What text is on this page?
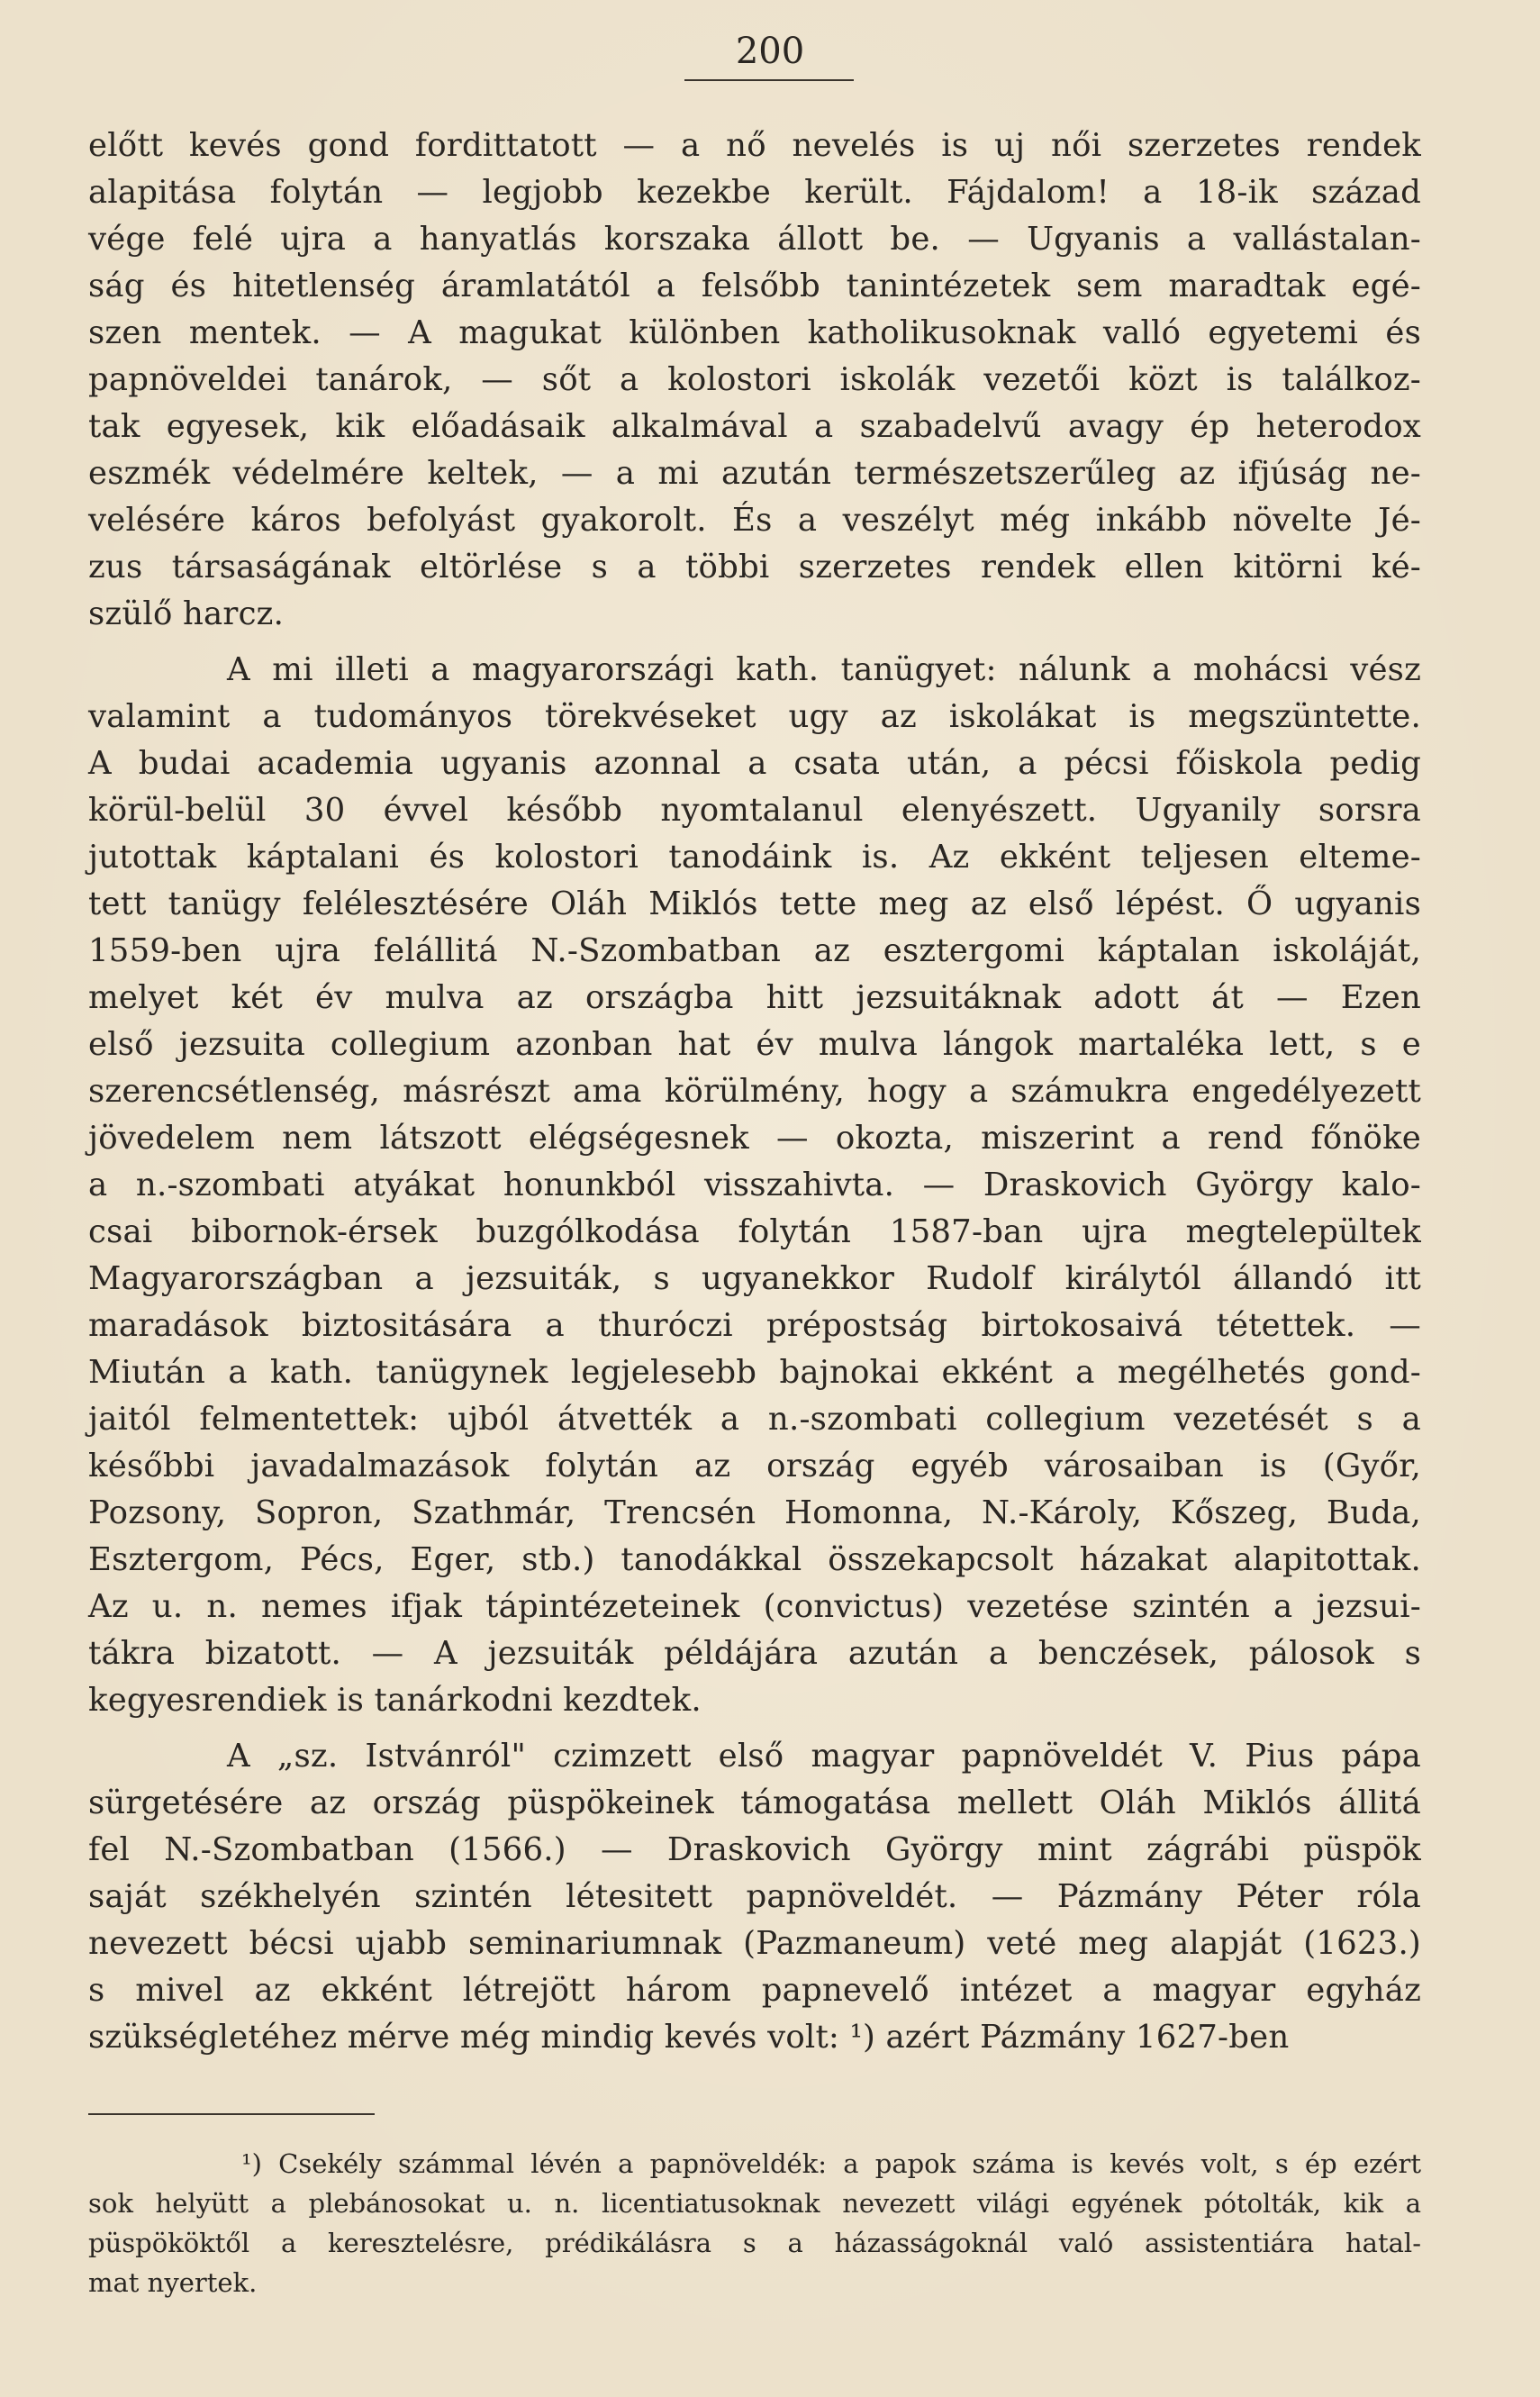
200
előtt kevés gond fordittatott — a nő nevelés is uj női szerzetes rendek
alapitása folytán — legjobb kezekbe került. Fájdalom! a 18-ik század
vége felé ujra a hanyatlás korszaka állott be. — Ugyanis a vallástalan-
ság és hitetlenség áramlatától a felsőbb tanintézetek sem maradtak egé-
szen mentek. — A magukat különben katholikusoknak valló egyetemi és
papnöveldei tanárok, — sőt a kolostori iskolák vezetői közt is találkoz-
tak egyesek, kik előadásaik alkalmával a szabadelvű avagy ép heterodox
eszmék védelmére keltek, — a mi azután természetszerűleg az ifjúság ne-
velésére káros befolyást gyakorolt. És a veszélyt még inkább növelte Jé-
zus társaságának eltörlése s a többi szerzetes rendek ellen kitörni ké-
szülő harcz.
A mi illeti a magyarországi kath. tanügyet: nálunk a mohácsi vész
valamint a tudományos törekvéseket ugy az iskolákat is megszüntette.
A budai academia ugyanis azonnal a csata után, a pécsi főiskola pedig
körül-belül 30 évvel később nyomtalanul elenyészett. Ugyanily sorsra
jutottak káptalani és kolostori tanodáink is. Az ekként teljesen elteme-
tett tanügy felélesztésére Oláh Miklós tette meg az első lépést. Ő ugyanis
1559-ben ujra felállitá N.-Szombatban az esztergomi káptalan iskoláját,
melyet két év mulva az országba hitt jezsuitáknak adott át — Ezen
első jezsuita collegium azonban hat év mulva lángok martaléka lett, s e
szerencsétlenség, másrészt ama körülmény, hogy a számukra engedélyezett
jövedelem nem látszott elégségesnek — okozta, miszerint a rend főnöke
a n.-szombati atyákat honunkból visszahivta. — Draskovich György kalo-
csai bibornok-érsek buzgólkodása folytán 1587-ban ujra megtelepültek
Magyarországban a jezsuiták, s ugyanekkor Rudolf királytól állandó itt
maradások biztositására a thuróczi prépostság birtokosaivá tétettek. —
Miután a kath. tanügynek legjelesebb bajnokai ekként a megélhetés gond-
jaitól felmentettek: ujból átvették a n.-szombati collegium vezetését s a
későbbi javadalmazások folytán az ország egyéb városaiban is (Győr,
Pozsony, Sopron, Szathmár, Trencsén Homonna, N.-Károly, Kőszeg, Buda,
Esztergom, Pécs, Eger, stb.) tanodákkal összekapcsolt házakat alapitottak.
Az u. n. nemes ifjak tápintézeteinek (convictus) vezetése szintén a jezsui-
tákra bizatott. — A jezsuiták példájára azután a benczések, pálosok s
kegyesrendiek is tanárkodni kezdtek.
A „sz. Istvánról" czimzett első magyar papnöveldét V. Pius pápa
sürgetésére az ország püspökeinek támogatása mellett Oláh Miklós állitá
fel N.-Szombatban (1566.) — Draskovich György mint zágrábi püspök
saját székhelyén szintén létesitett papnöveldét. — Pázmány Péter róla
nevezett bécsi ujabb seminariumnak (Pazmaneum) veté meg alapját (1623.)
s mivel az ekként létrejött három papnevelő intézet a magyar egyház
szükségletéhez mérve még mindig kevés volt: ¹) azért Pázmány 1627-ben
¹) Csekély számmal lévén a papnöveldék: a papok száma is kevés volt, s ép ezért
sok helyütt a plebánosokat u. n. licentiatusoknak nevezett világi egyének pótolták, kik a
püspököktől a keresztelésre, prédikálásra s a házasságoknál való assistentiára hatal-
mat nyertek.
